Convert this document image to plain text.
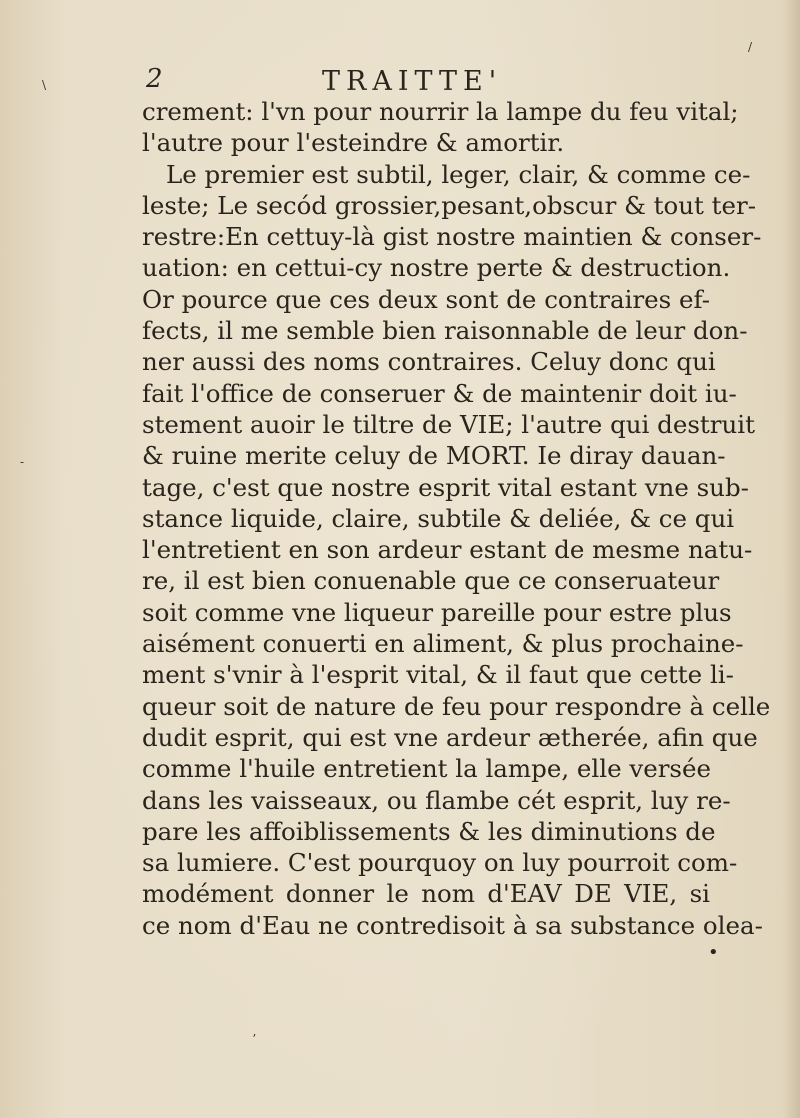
2	TRAITTE'
crement: l'vn pour nourrir la lampe du feu vital;
l'autre pour l'esteindre & amortir.
Le premier est subtil, leger, clair, & comme ce-
leste; Le secód grossier,pesant,obscur & tout ter-
restre:En cettuy-là gist nostre maintien & conser-
uation: en cettui-cy nostre perte & destruction.
Or pource que ces deux sont de contraires ef-
fects, il me semble bien raisonnable de leur don-
ner aussi des noms contraires. Celuy donc qui
fait l'office de conseruer & de maintenir doit iu-
stement auoir le tiltre de VIE; l'autre qui destruit
& ruine merite celuy de MORT. Ie diray dauan-
tage, c'est que nostre esprit vital estant vne sub-
stance liquide, claire, subtile & deliée, & ce qui
l'entretient en son ardeur estant de mesme natu-
re, il est bien conuenable que ce conseruateur
soit comme vne liqueur pareille pour estre plus
aisément conuerti en aliment, & plus prochaine-
ment s'vnir à l'esprit vital, & il faut que cette li-
queur soit de nature de feu pour respondre à celle
dudit esprit, qui est vne ardeur ætherée, afin que
comme l'huile entretient la lampe, elle versée
dans les vaisseaux, ou flambe cét esprit, luy re-
pare les affoiblissements & les diminutions de
sa lumiere. C'est pourquoy on luy pourroit com-
modément donner le nom d'EAV DE VIE, si
ce nom d'Eau ne contredisoit à sa substance olea-
•
\
-
ʼ
/
